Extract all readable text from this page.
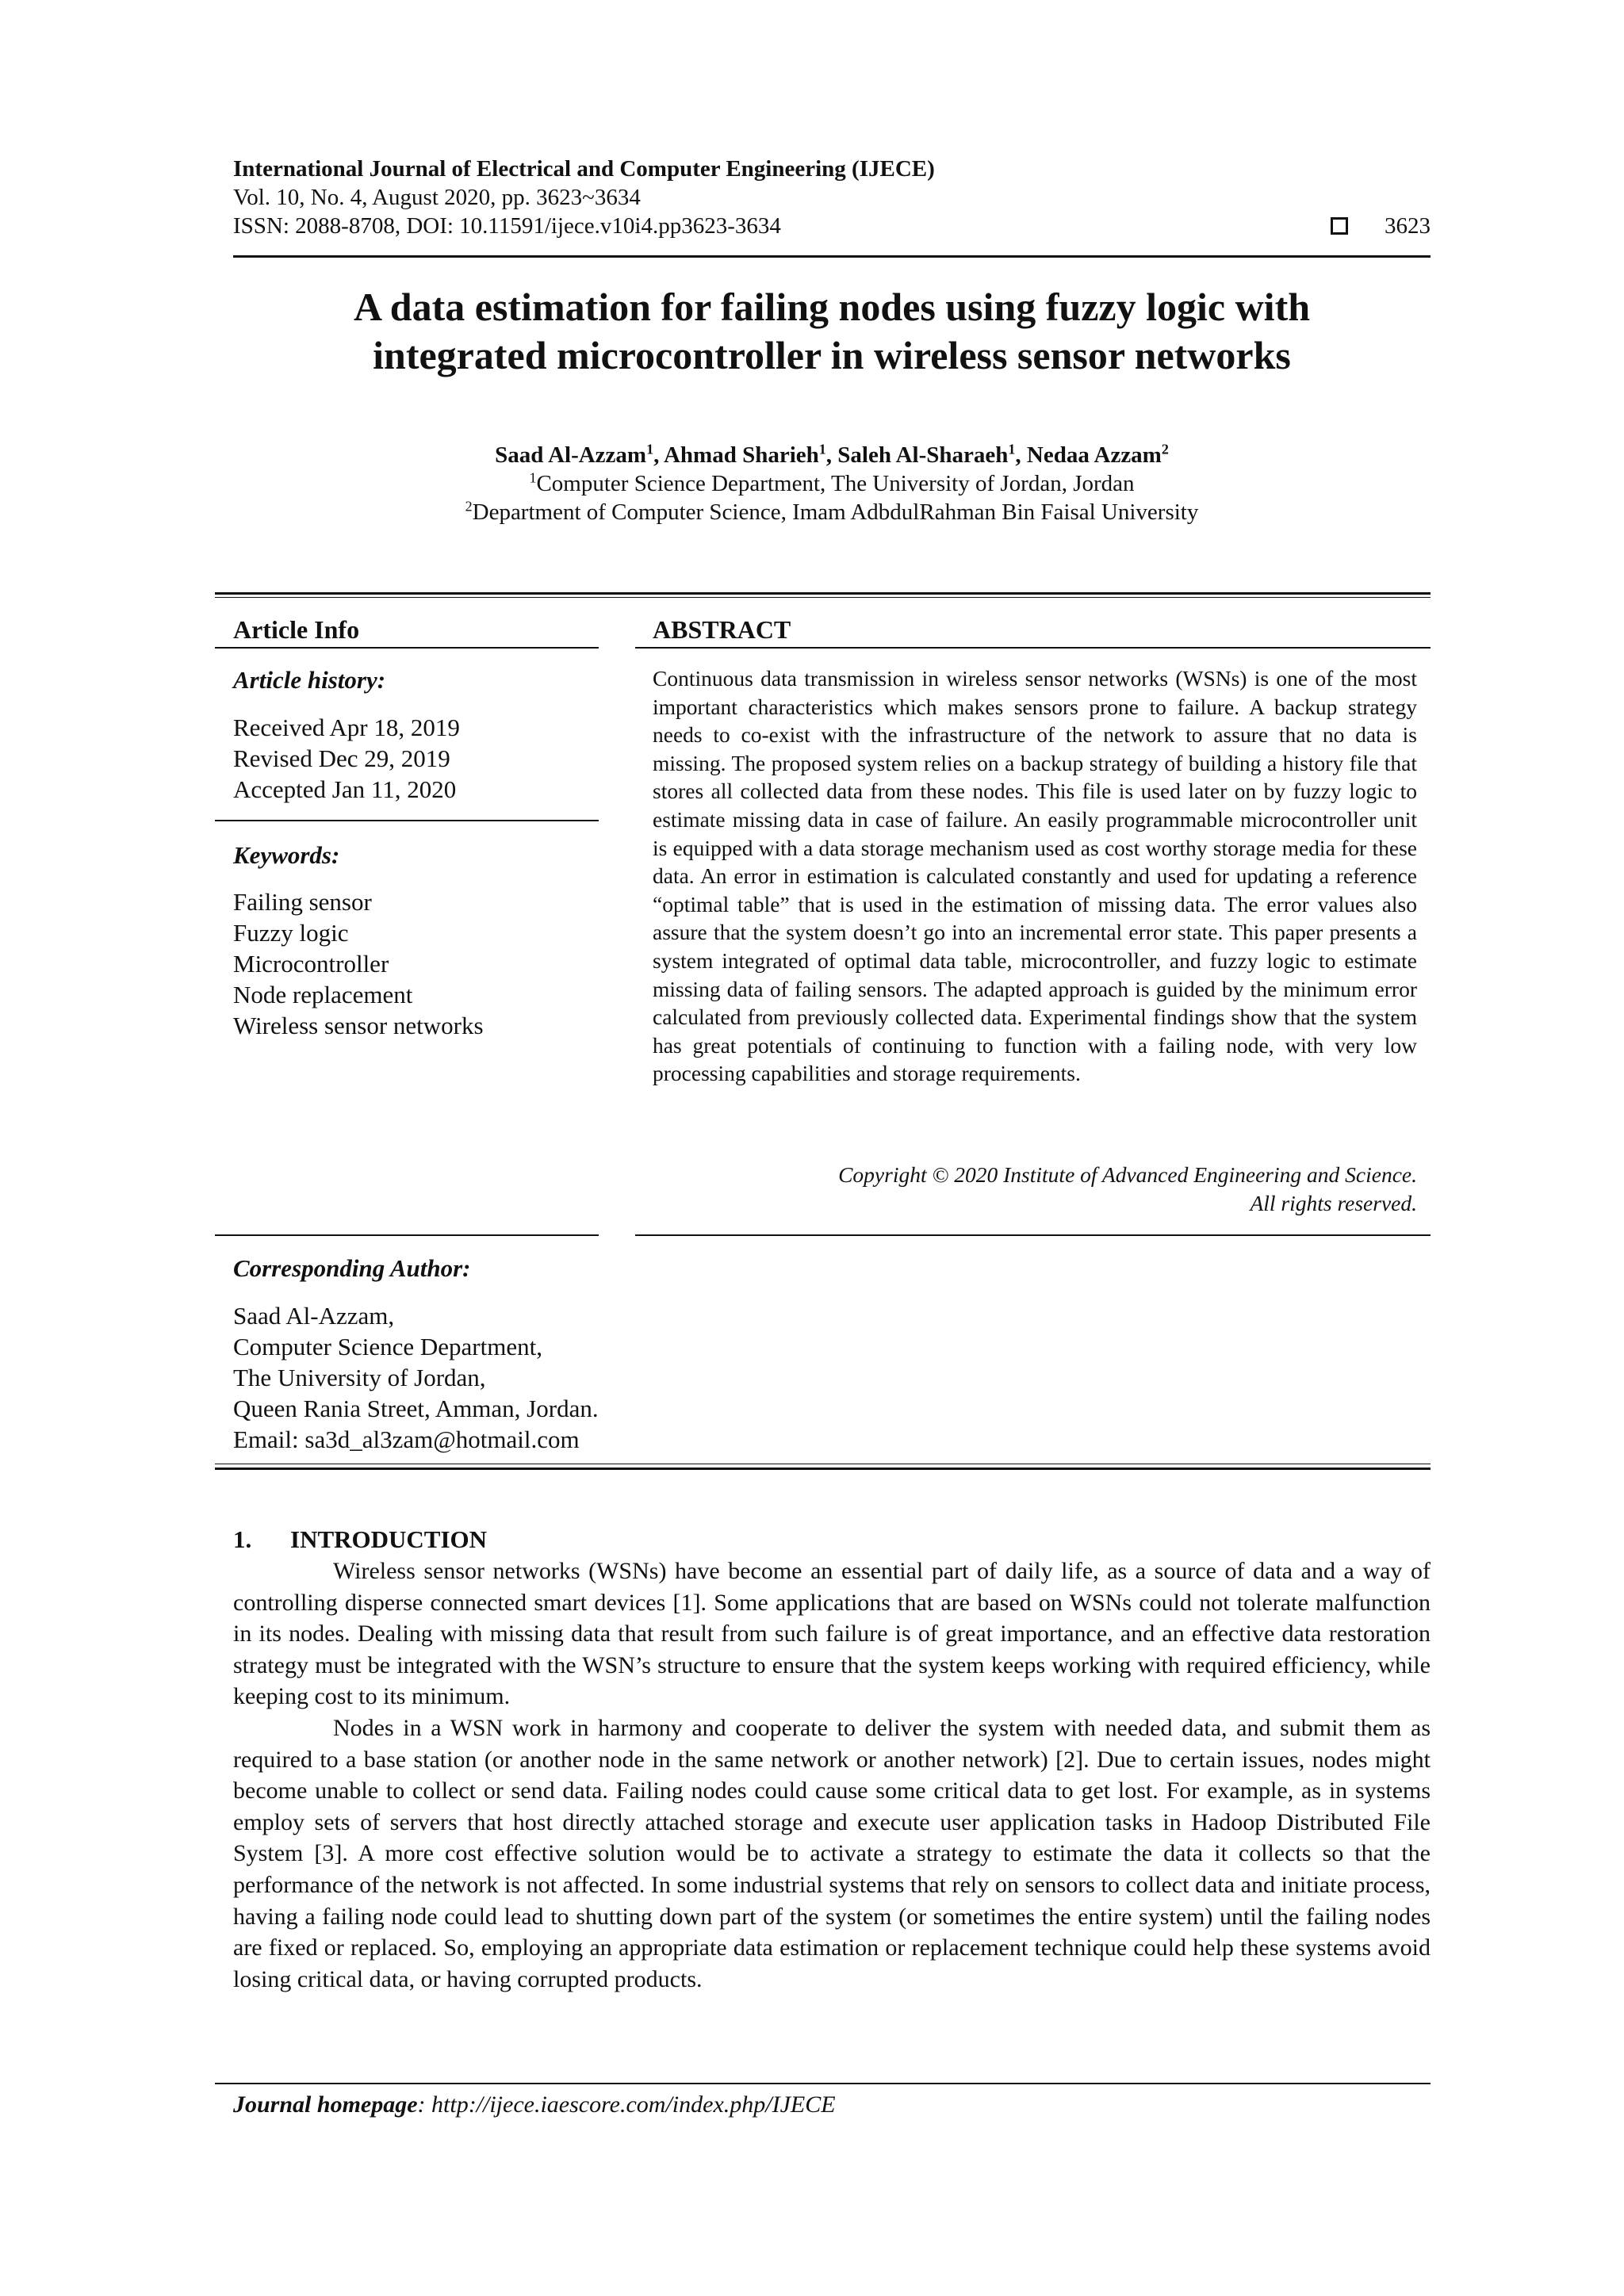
International Journal of Electrical and Computer Engineering (IJECE)
Vol. 10, No. 4, August 2020, pp. 3623~3634
ISSN: 2088-8708, DOI: 10.11591/ijece.v10i4.pp3623-3634	3623
A data estimation for failing nodes using fuzzy logic with
integrated microcontroller in wireless sensor networks
Saad Al-Azzam$^1$, Ahmad Sharieh$^1$, Saleh Al-Sharaeh$^1$, Nedaa Azzam$^2$
$^1$Computer Science Department, The University of Jordan, Jordan
$^2$Department of Computer Science, Imam AdbdulRahman Bin Faisal University
Article Info
Article history:
Received Apr 18, 2019
Revised Dec 29, 2019
Accepted Jan 11, 2020
Keywords:
Failing sensor
Fuzzy logic
Microcontroller
Node replacement
Wireless sensor networks
ABSTRACT
Continuous data transmission in wireless sensor networks (WSNs) is one of the most important characteristics which makes sensors prone to failure. A backup strategy needs to co-exist with the infrastructure of the network to assure that no data is missing. The proposed system relies on a backup strategy of building a history file that stores all collected data from these nodes. This file is used later on by fuzzy logic to estimate missing data in case of failure. An easily programmable microcontroller unit is equipped with a data storage mechanism used as cost worthy storage media for these data. An error in estimation is calculated constantly and used for updating a reference “optimal table” that is used in the estimation of missing data. The error values also assure that the system doesn’t go into an incremental error state. This paper presents a system integrated of optimal data table, microcontroller, and fuzzy logic to estimate missing data of failing sensors. The adapted approach is guided by the minimum error calculated from previously collected data. Experimental findings show that the system has great potentials of continuing to function with a failing node, with very low processing capabilities and storage requirements.
Copyright © 2020 Institute of Advanced Engineering and Science.
All rights reserved.
Corresponding Author:
Saad Al-Azzam,
Computer Science Department,
The University of Jordan,
Queen Rania Street, Amman, Jordan.
Email: sa3d_al3zam@hotmail.com
1. INTRODUCTION

Wireless sensor networks (WSNs) have become an essential part of daily life, as a source of data and a way of controlling disperse connected smart devices [1]. Some applications that are based on WSNs could not tolerate malfunction in its nodes. Dealing with missing data that result from such failure is of great importance, and an effective data restoration strategy must be integrated with the WSN’s structure to ensure that the system keeps working with required efficiency, while keeping cost to its minimum.

Nodes in a WSN work in harmony and cooperate to deliver the system with needed data, and submit them as required to a base station (or another node in the same network or another network) [2]. Due to certain issues, nodes might become unable to collect or send data. Failing nodes could cause some critical data to get lost. For example, as in systems employ sets of servers that host directly attached storage and execute user application tasks in Hadoop Distributed File System [3]. A more cost effective solution would be to activate a strategy to estimate the data it collects so that the performance of the network is not affected. In some industrial systems that rely on sensors to collect data and initiate process, having a failing node could lead to shutting down part of the system (or sometimes the entire system) until the failing nodes are fixed or replaced. So, employing an appropriate data estimation or replacement technique could help these systems avoid losing critical data, or having corrupted products.

Journal homepage: http://ijece.iaescore.com/index.php/IJECE
